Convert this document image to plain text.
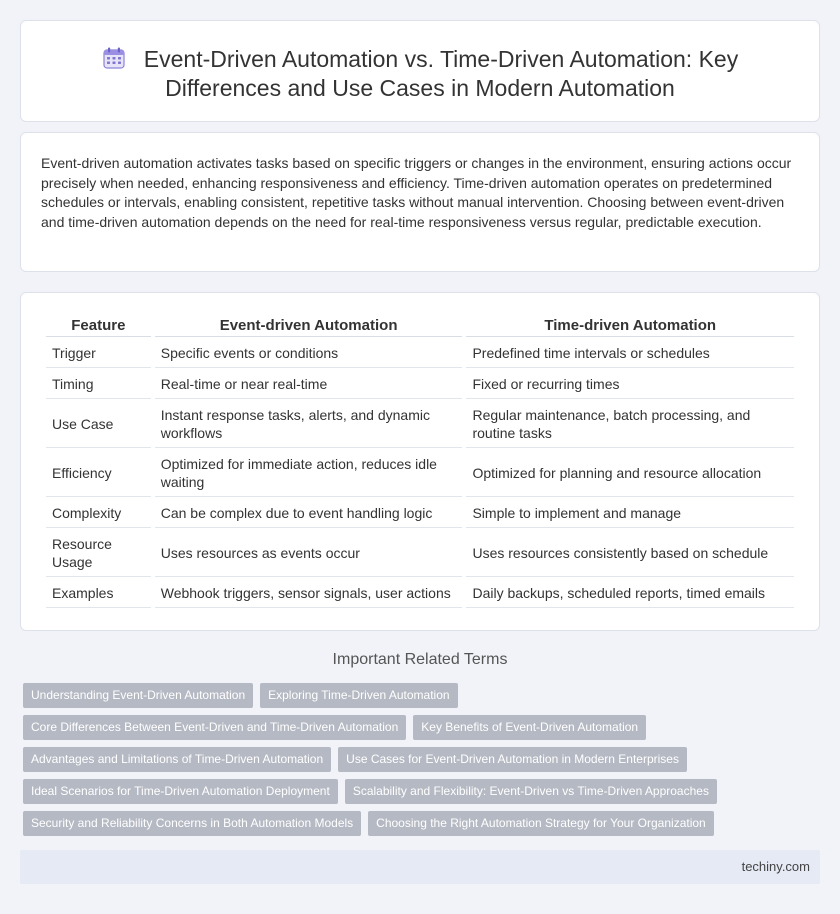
Event-Driven Automation vs. Time-Driven Automation: Key Differences and Use Cases in Modern Automation

Event-driven automation activates tasks based on specific triggers or changes in the environment, ensuring actions occur precisely when needed, enhancing responsiveness and efficiency. Time-driven automation operates on predetermined schedules or intervals, enabling consistent, repetitive tasks without manual intervention. Choosing between event-driven and time-driven automation depends on the need for real-time responsiveness versus regular, predictable execution.

Feature	Event-driven Automation	Time-driven Automation
Trigger	Specific events or conditions	Predefined time intervals or schedules
Timing	Real-time or near real-time	Fixed or recurring times
Use Case	Instant response tasks, alerts, and dynamic workflows	Regular maintenance, batch processing, and routine tasks
Efficiency	Optimized for immediate action, reduces idle waiting	Optimized for planning and resource allocation
Complexity	Can be complex due to event handling logic	Simple to implement and manage
Resource Usage	Uses resources as events occur	Uses resources consistently based on schedule
Examples	Webhook triggers, sensor signals, user actions	Daily backups, scheduled reports, timed emails
Important Related Terms
Understanding Event-Driven Automation	Exploring Time-Driven Automation
Core Differences Between Event-Driven and Time-Driven Automation	Key Benefits of Event-Driven Automation
Advantages and Limitations of Time-Driven Automation	Use Cases for Event-Driven Automation in Modern Enterprises
Ideal Scenarios for Time-Driven Automation Deployment	Scalability and Flexibility: Event-Driven vs Time-Driven Approaches
Security and Reliability Concerns in Both Automation Models	Choosing the Right Automation Strategy for Your Organization
techiny.com
